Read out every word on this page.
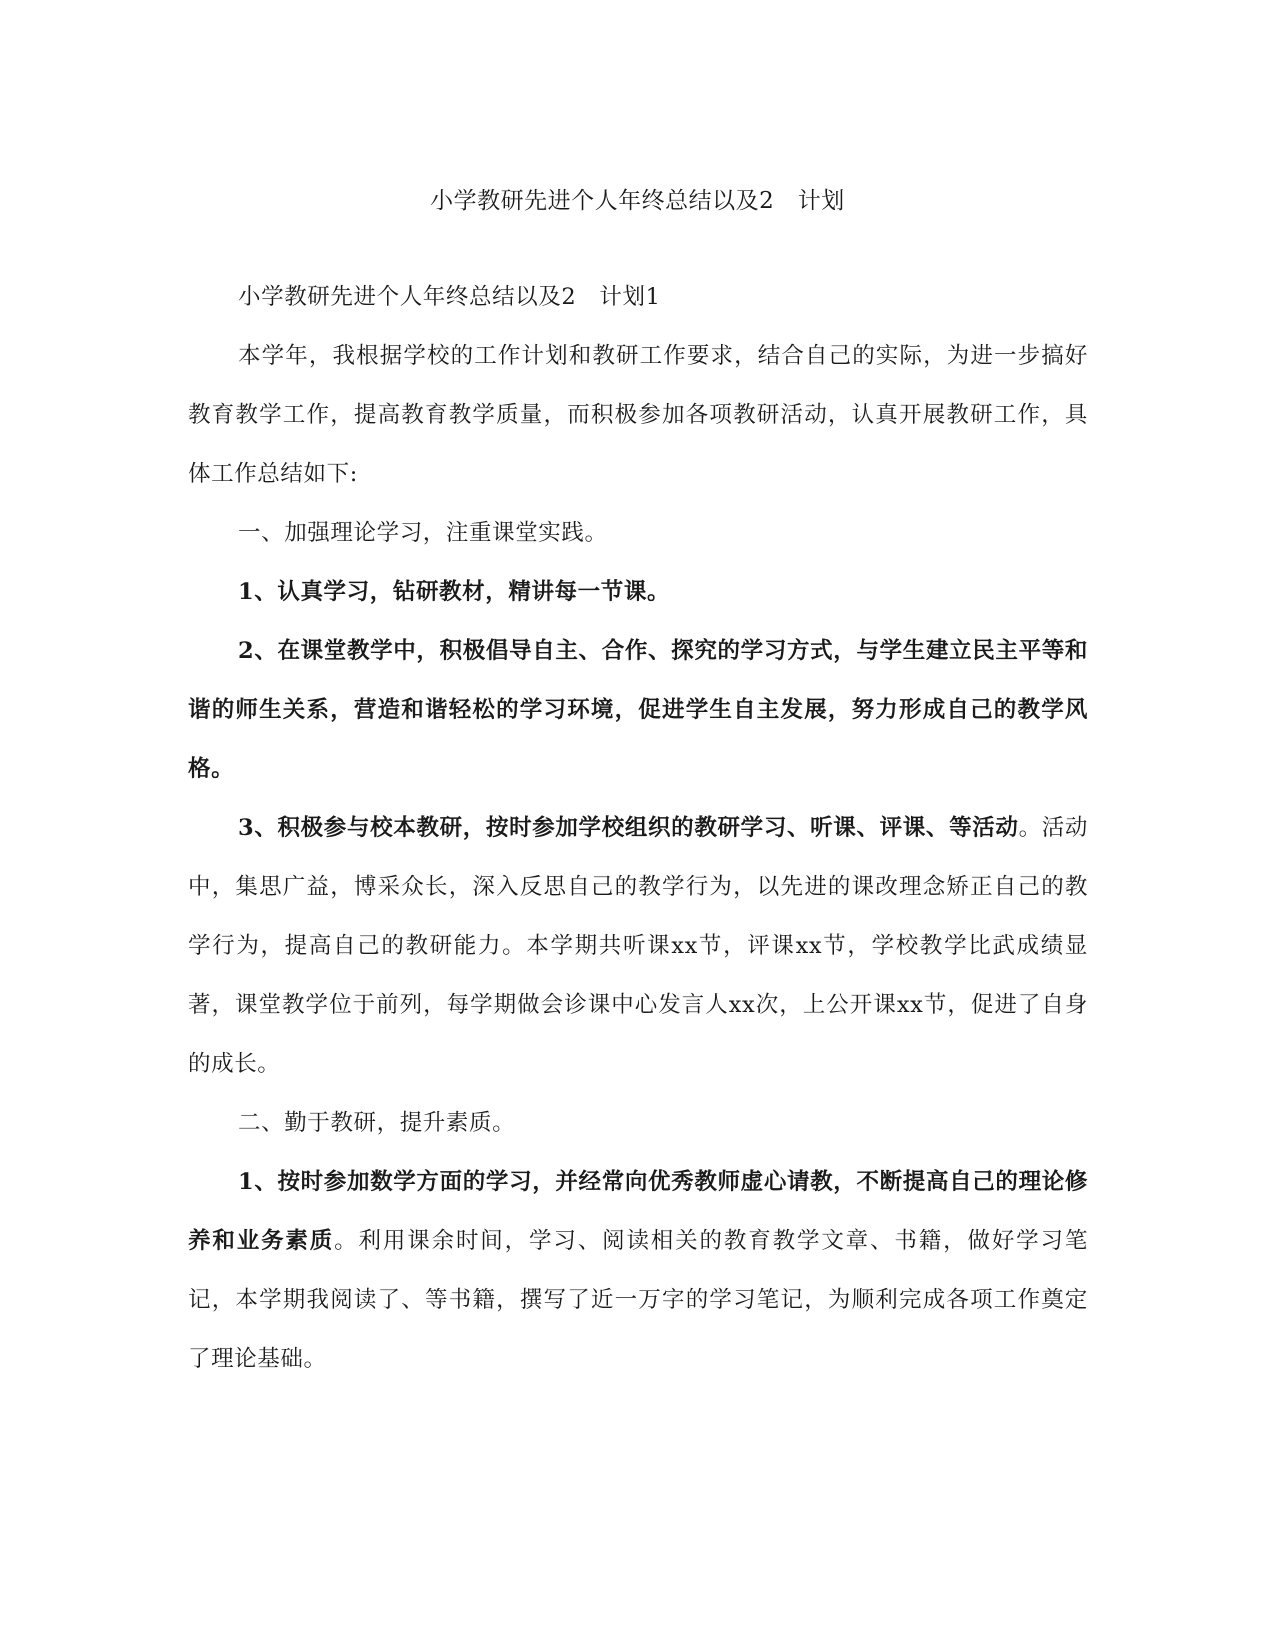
小学教研先进个人年终总结以及2　计划

小学教研先进个人年终总结以及2　计划1

本学年，我根据学校的工作计划和教研工作要求，结合自己的实际，为进一步搞好教育教学工作，提高教育教学质量，而积极参加各项教研活动，认真开展教研工作，具体工作总结如下:

一、加强理论学习，注重课堂实践。

1、认真学习，钻研教材，精讲每一节课。

2、在课堂教学中，积极倡导自主、合作、探究的学习方式，与学生建立民主平等和谐的师生关系，营造和谐轻松的学习环境，促进学生自主发展，努力形成自己的教学风格。

3、积极参与校本教研，按时参加学校组织的教研学习、听课、评课、等活动。活动中，集思广益，博采众长，深入反思自己的教学行为，以先进的课改理念矫正自己的教学行为，提高自己的教研能力。本学期共听课xx节，评课xx节，学校教学比武成绩显著，课堂教学位于前列，每学期做会诊课中心发言人xx次，上公开课xx节，促进了自身的成长。

二、勤于教研，提升素质。

1、按时参加数学方面的学习，并经常向优秀教师虚心请教，不断提高自己的理论修养和业务素质。利用课余时间，学习、阅读相关的教育教学文章、书籍，做好学习笔记，本学期我阅读了、等书籍，撰写了近一万字的学习笔记，为顺利完成各项工作奠定了理论基础。
